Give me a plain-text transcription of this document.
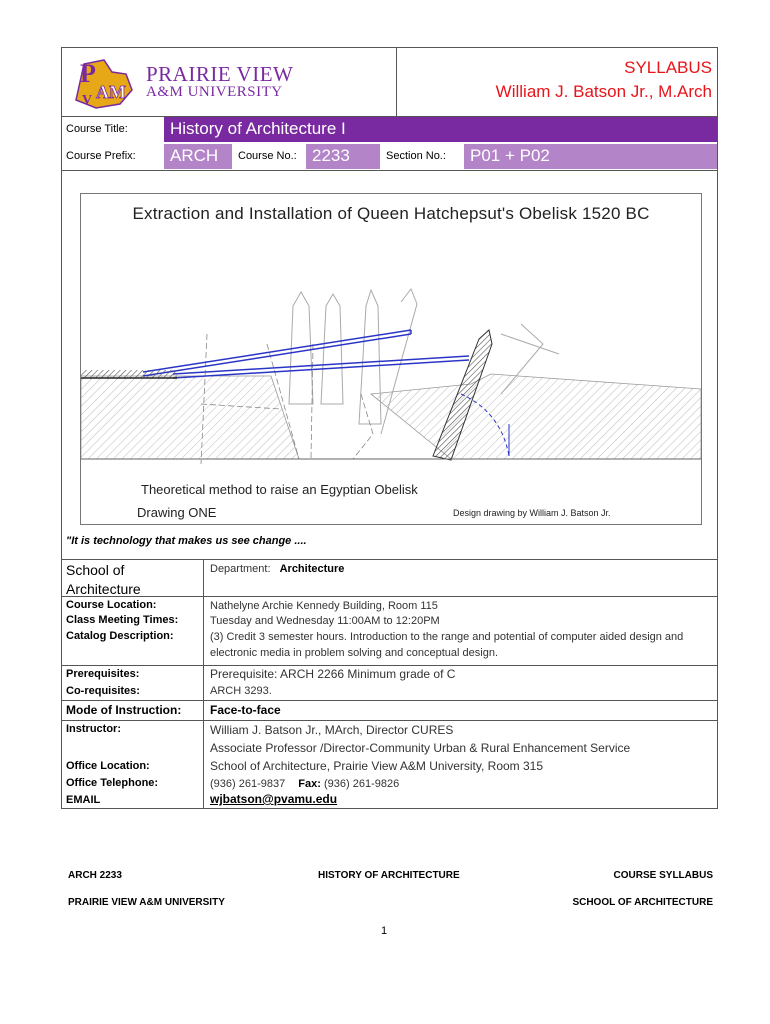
P
AM
V
PRAIRIE VIEW
A&M UNIVERSITY
SYLLABUS
William J. Batson Jr., M.Arch
Course Title: History of Architecture I
Course Prefix: ARCH Course No.: 2233	Section No.: P01 + P02
Extraction and Installation of Queen Hatchepsut's Obelisk 1520 BC
Theoretical method to raise an Egyptian Obelisk
Drawing ONE	Design drawing by William J. Batson Jr.
"It is technology that makes us see change ....
School of Architecture
Department: Architecture
Course Location:	Nathelyne Archie Kennedy Building, Room 115
Class Meeting Times:	Tuesday and Wednesday 11:00AM to 12:20PM
Catalog Description:	(3) Credit 3 semester hours. Introduction to the range and potential of computer aided design and electronic media in problem solving and conceptual design.
Prerequisites:	Prerequisite: ARCH 2266 Minimum grade of C
Co-requisites:	ARCH 3293.
Mode of Instruction: Face-to-face
Instructor:	William J. Batson Jr., MArch, Director CURES
Associate Professor /Director-Community Urban & Rural Enhancement Service
Office Location:	School of Architecture, Prairie View A&M University, Room 315
Office Telephone:	(936) 261-9837 Fax: (936) 261-9826
EMAIL	wjbatson@pvamu.edu
ARCH 2233	HISTORY OF ARCHITECTURE	COURSE SYLLABUS
PRAIRIE VIEW A&M UNIVERSITY	SCHOOL OF ARCHITECTURE
1
